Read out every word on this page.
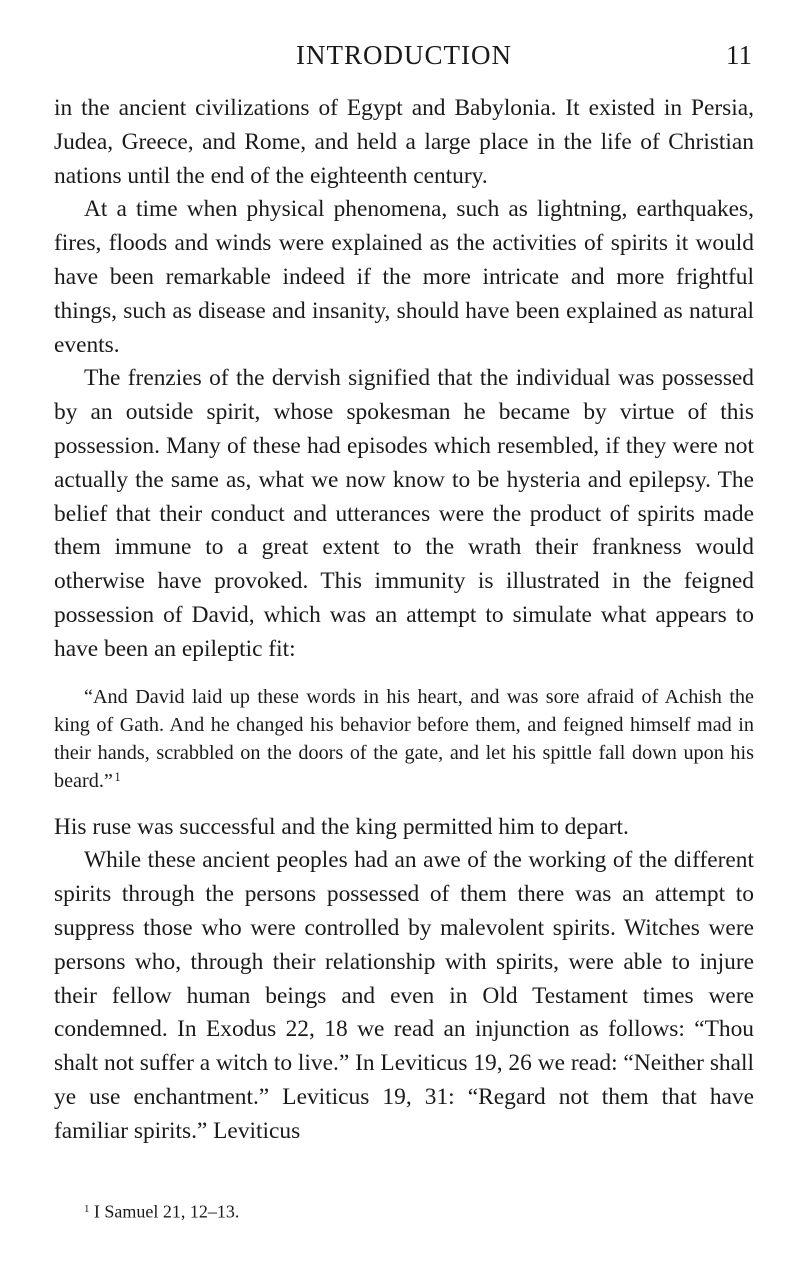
INTRODUCTION	11

in the ancient civilizations of Egypt and Babylonia. It existed in Persia, Judea, Greece, and Rome, and held a large place in the life of Christian nations until the end of the eighteenth century.

At a time when physical phenomena, such as lightning, earthquakes, fires, floods and winds were explained as the activities of spirits it would have been remarkable indeed if the more intricate and more frightful things, such as disease and insanity, should have been explained as natural events.

The frenzies of the dervish signified that the individual was possessed by an outside spirit, whose spokesman he became by virtue of this possession. Many of these had episodes which resembled, if they were not actually the same as, what we now know to be hysteria and epilepsy. The belief that their conduct and utterances were the product of spirits made them immune to a great extent to the wrath their frankness would otherwise have provoked. This immunity is illustrated in the feigned possession of David, which was an attempt to simulate what appears to have been an epileptic fit:

“And David laid up these words in his heart, and was sore afraid of Achish the king of Gath. And he changed his behavior before them, and feigned himself mad in their hands, scrabbled on the doors of the gate, and let his spittle fall down upon his beard.”  $^1$

His ruse was successful and the king permitted him to depart.

While these ancient peoples had an awe of the working of the different spirits through the persons possessed of them there was an attempt to suppress those who were controlled by malevolent spirits. Witches were persons who, through their relationship with spirits, were able to injure their fellow human beings and even in Old Testament times were condemned. In Exodus 22, 18 we read an injunction as follows: “Thou shalt not suffer a witch to live.” In Leviticus 19, 26 we read: “Neither shall ye use enchantment.” Leviticus 19, 31: “Regard not them that have familiar spirits.” Leviticus

$^1$ I Samuel 21, 12–13.
